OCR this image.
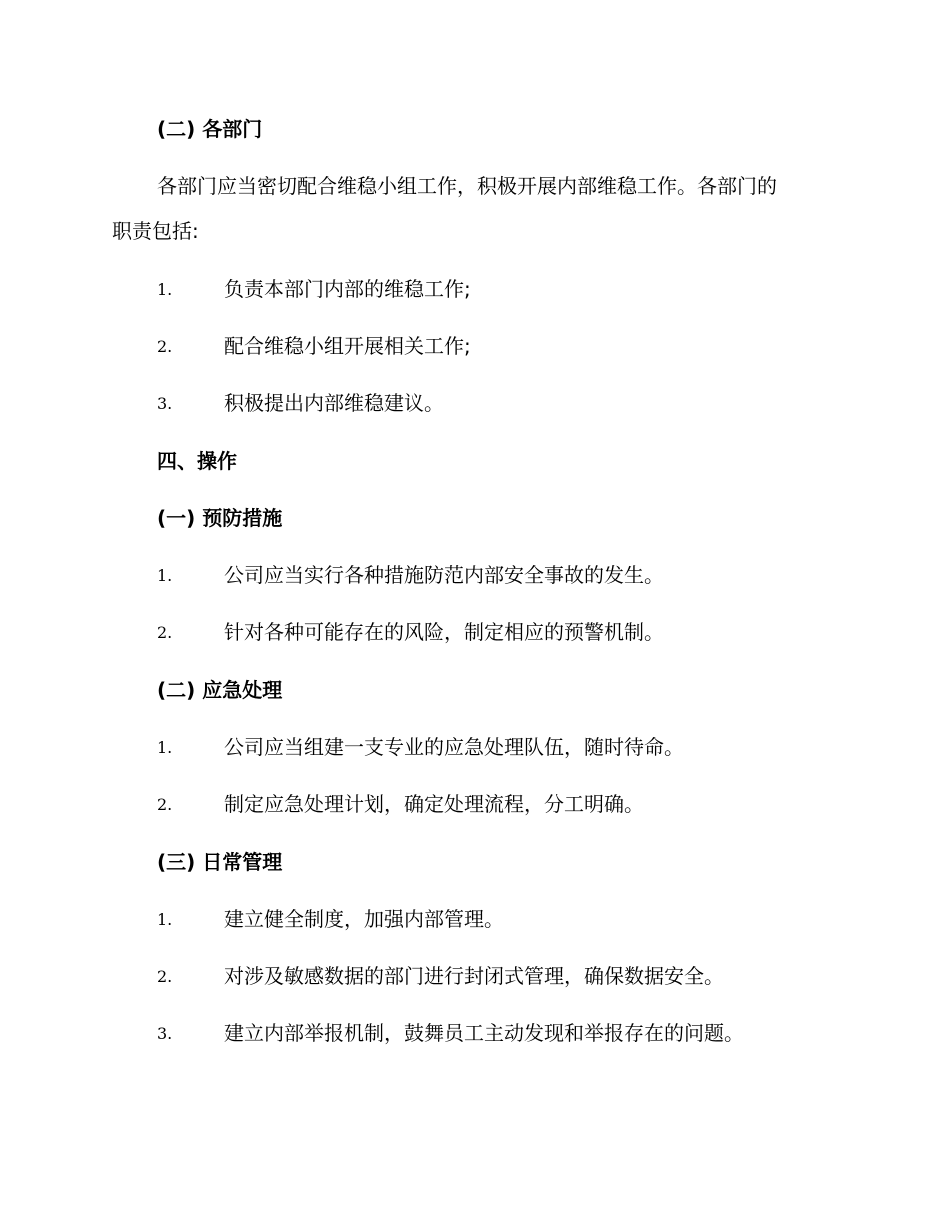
(二) 各部门
各部门应当密切配合维稳小组工作，积极开展内部维稳工作。各部门的
职责包括:
1.	负责本部门内部的维稳工作;
2.	配合维稳小组开展相关工作;
3.	积极提出内部维稳建议。
四、操作
(一) 预防措施
1.	公司应当实行各种措施防范内部安全事故的发生。
2.	针对各种可能存在的风险，制定相应的预警机制。
(二) 应急处理
1.	公司应当组建一支专业的应急处理队伍，随时待命。
2.	制定应急处理计划，确定处理流程，分工明确。
(三) 日常管理
1.	建立健全制度，加强内部管理。
2.	对涉及敏感数据的部门进行封闭式管理，确保数据安全。
3.	建立内部举报机制，鼓舞员工主动发现和举报存在的问题。
